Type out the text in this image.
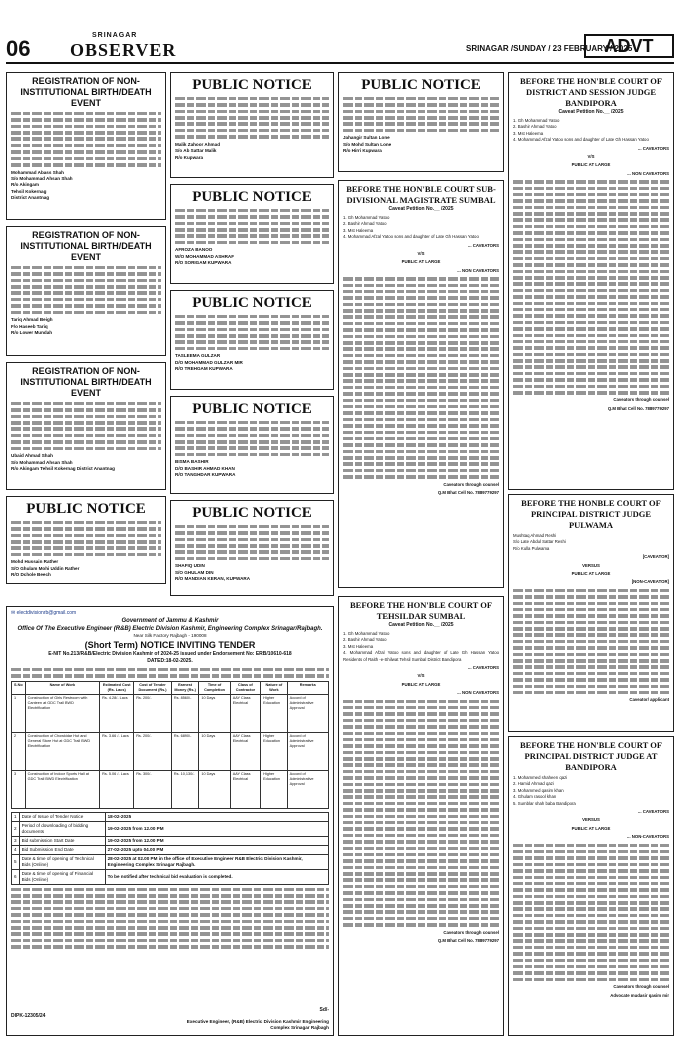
06
SRINAGAR
OBSERVER	SRINAGAR /SUNDAY / 23 FEBRUARY / 2025
ADVT
REGISTRATION OF NON-INSTITUTIONAL BIRTH/DEATH EVENT
Mohammad Abass Shah
S/o Mohammad Ahsan Shah
R/o Akingam
Tehsil Kokernag
District Anantnag
REGISTRATION OF NON-INSTITUTIONAL BIRTH/DEATH EVENT
Tariq Ahmad Beigh
F/o Haseeb Tariq
R/o Lower Mundah
REGISTRATION OF NON-INSTITUTIONAL BIRTH/DEATH EVENT
Ubaid Ahmad Shah
S/o Mohammad Ahsan Shah
R/o Akingam Tehsil Kokernag District Anantnag
PUBLIC NOTICE
Mohd Hussain Rather
S/O Ghulam Mohi Uddin Rather
R/O Dchole Beech
PUBLIC NOTICE
Malik Zahoor Ahmad
S/o Ab Sattar Malik
R/o Kupwara
PUBLIC NOTICE
AFROZA BANOO
W/O MOHAMMAD ASHRAF
R/O SORIGAM KUPWARA
PUBLIC NOTICE
TASLEEMA GULZAR
D/O MOHAMMAD GULZAR MIR
R/O TREHGAM KUPWARA
PUBLIC NOTICE
BISMA BASHIR
D/O BASHIR AHMAD KHAN
R/O TANGHDAR KUPWARA
PUBLIC NOTICE
SHAFIQ UDIN
S/O GHULAM DIN
R/O MANDIAN KERAN, KUPWARA
PUBLIC NOTICE
Jahangir Sultan Lone
S/o Mohd Sultan Lone
R/o Hirri Kupwara
BEFORE THE HON'BLE COURT SUB-DIVISIONAL MAGISTRATE SUMBAL
Caveat Petition No.__ /2025
1. Gh Mohammad Yatoo
2. Bashir Ahmad Yatoo
3. Mst Haleema
4. Mohammad Afzal Yatoo sons and daughter of Late Gh Hassan Yatoo
... CAVEATORS
V/S
PUBLIC AT LARGE
... NON CAVEATORS
Caveators through counsel
Q.M Bhat Cell No. 7889779297
BEFORE THE HON'BLE COURT OF DISTRICT AND SESSION JUDGE BANDIPORA
Caveat Petition No.__ /2025
1. Gh Mohammad Yatoo
2. Bashir Ahmad Yatoo
3. Mst Haleema
4. Mohammad Afzal Yatoo sons and daughter of Late Gh Hassan Yatoo
... CAVEATORS
V/S
PUBLIC AT LARGE
... NON CAVEATORS
Caveators through counsel
Q.M Bhat Cell No. 7889779297
BEFORE THE HONBLE COURT OF PRINCIPAL DISTRICT JUDGE PULWAMA
Mushtaq Ahmad Reshi
S/o Late Abdul Sattar Reshi
R/o Kulla Pulwama
[CAVEATOR]
VERSUS
PUBLIC AT LARGE
[NON-CAVEATOR]
Caveator/ applicant
BEFORE THE HON'BLE COURT OF PRINCIPAL DISTRICT JUDGE AT BANDIPORA
1. Mohammed shaheen qazi
2. Hamid Ahmad qazi
3. Mohammed qasim khan
4. Ghulam rasool khan
5. Sumblar shah baba Bandipora
... CAVEATORS
VERSUS
PUBLIC AT LARGE
... NON-CAVEATORS
Caveators through counsel
Advocate mudasir qasim mir
✉ electdivisionrb@gmail.com
Government of Jammu & Kashmir
Office Of The Executive Engineer (R&B) Electric Division Kashmir, Engineering Complex Srinagar/Rajbagh.
Near Silk Factory Rajbagh - 190008
(Short Term) NOTICE INVITING TENDER
E-NIT No.213/R&B/Electric Division Kashmir of 2024-25 issued under Endorsement No: ERB/10610-618
DATED:18-02-2025.
S.No	Name of Work	Estimated Cost (Rs. Lacs)	Cost of Tender Document (Rs.)	Earnest Money (Rs.)	Time of Completion	Class of Contractor	Nature of Work	Remarks
1	Construction of Girls Restroom with Canteen at GDC Trall BWD Electrification	Rs. 4.28/- Lacs	Rs. 200/-	Rs. 8560/-	10 Days	AAY Class Electrical	Higher Education	Accord of Administrative Approval
2	Construction of Chowkidar Hut and General Store Hut at GDC Trall BWD Electrification	Rs. 3.66 /- Lacs	Rs. 200/-	Rs. 6890/-	10 Days	AAY Class Electrical	Higher Education	Accord of Administrative Approval
3	Construction of Indoor Sports Hall at GDC Trall BWD Electrification	Rs. 5.06 /- Lacs	Rs. 300/-	Rs. 10,130/-	10 Days	AAY Class Electrical	Higher Education	Accord of Administrative Approval
1	Date of Issue of Tender Notice	18-02-2025
2	Period of downloading of bidding documents	19-02-2025 from 12.00 PM
3	Bid submission Start Date	19-02-2025 from 12.00 PM
4	Bid Submission End Date	27-02-2025 upto 04.00 PM
5	Date & time of opening of Technical Bids (Online)	28-02-2025 at 02.00 PM in the office of Executive Engineer R&B Electric Division Kashmir, Engineering Complex Srinagar Rajbagh.
6	Date & time of opening of Financial Bids (Online)	To be notified after technical bid evaluation is completed.
DIPK-12305/24
Sd/-
Executive Engineer, (R&B) Electric Division Kashmir Engineering Complex Srinagar Rajbagh
BEFORE THE HON'BLE COURT OF TEHSILDAR SUMBAL
Caveat Petition No.__ /2025
1. Gh Mohammad Yatoo
2. Bashir Ahmad Yatoo
3. Mst Haleema
4. Mohammad Afzal Yatoo sons and daughter of Late Gh Hassan Yatoo Residents of Raith -e-Shilwat Tehsil Sumbal District Bandipora
... CAVEATORS
V/S
PUBLIC AT LARGE
... NON CAVEATORS
Caveators through counsel
Q.M Bhat Cell No. 7889779297
